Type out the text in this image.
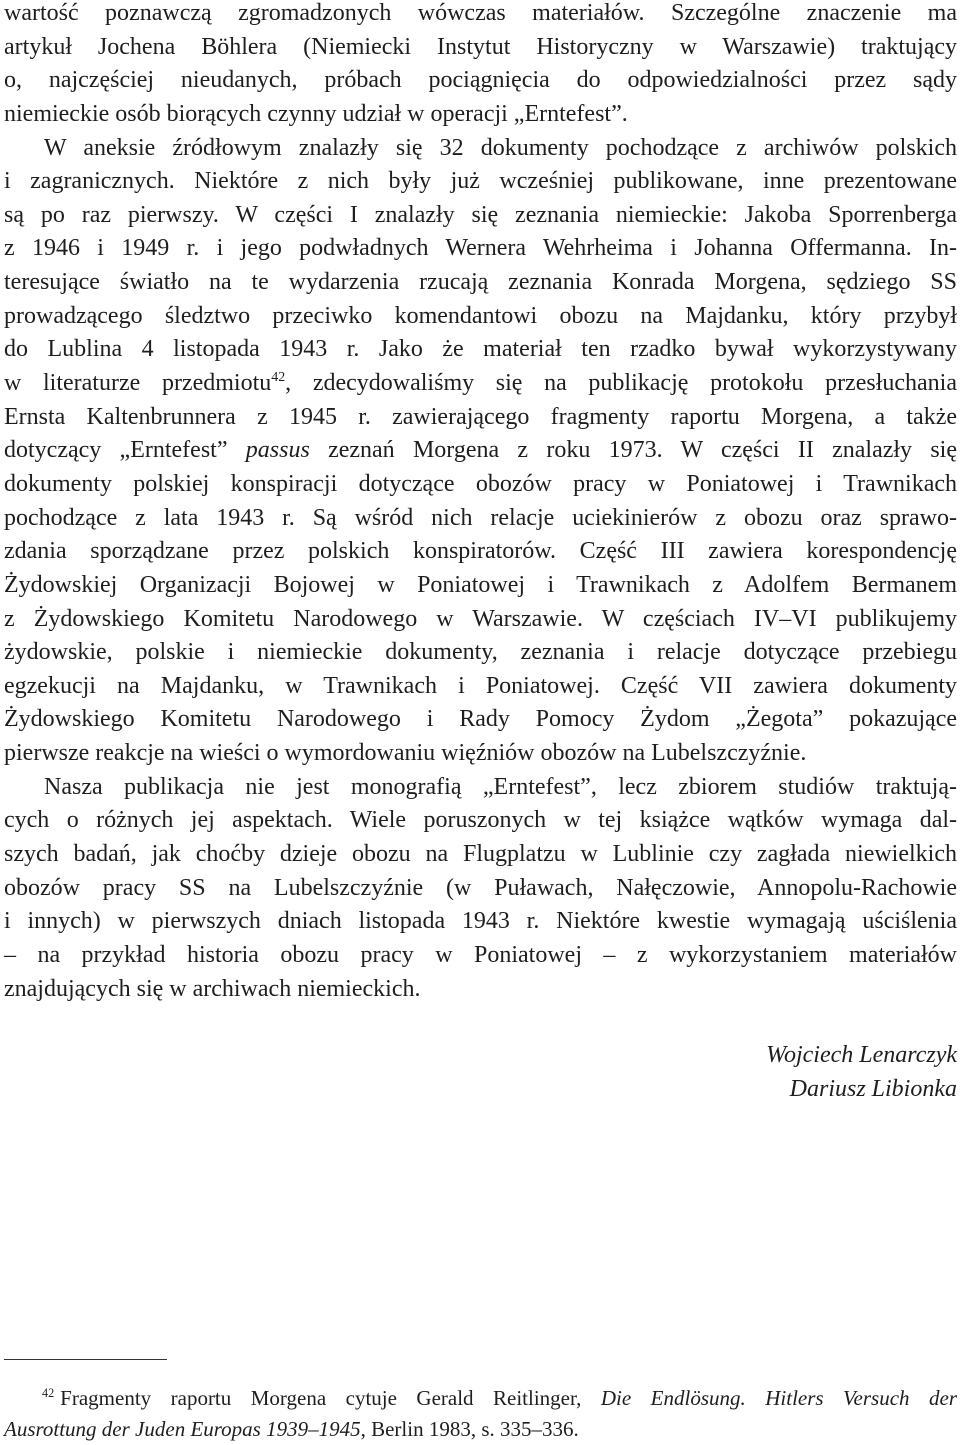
wartość poznawczą zgromadzonych wówczas materiałów. Szczególne znaczenie ma
artykuł Jochena Böhlera (Niemiecki Instytut Historyczny w Warszawie) traktujący
o, najczęściej nieudanych, próbach pociągnięcia do odpowiedzialności przez sądy
niemieckie osób biorących czynny udział w operacji „Erntefest”.
W aneksie źródłowym znalazły się 32 dokumenty pochodzące z archiwów polskich
i zagranicznych. Niektóre z nich były już wcześniej publikowane, inne prezentowane
są po raz pierwszy. W części I znalazły się zeznania niemieckie: Jakoba Sporrenberga
z 1946 i 1949 r. i jego podwładnych Wernera Wehrheima i Johanna Offermanna. In-
teresujące światło na te wydarzenia rzucają zeznania Konrada Morgena, sędziego SS
prowadzącego śledztwo przeciwko komendantowi obozu na Majdanku, który przybył
do Lublina 4 listopada 1943 r. Jako że materiał ten rzadko bywał wykorzystywany
w literaturze przedmiotu$^{42}$, zdecydowaliśmy się na publikację protokołu przesłuchania
Ernsta Kaltenbrunnera z 1945 r. zawierającego fragmenty raportu Morgena, a także
dotyczący „Erntefest” passus zeznań Morgena z roku 1973. W części II znalazły się
dokumenty polskiej konspiracji dotyczące obozów pracy w Poniatowej i Trawnikach
pochodzące z lata 1943 r. Są wśród nich relacje uciekinierów z obozu oraz sprawo-
zdania sporządzane przez polskich konspiratorów. Część III zawiera korespondencję
Żydowskiej Organizacji Bojowej w Poniatowej i Trawnikach z Adolfem Bermanem
z Żydowskiego Komitetu Narodowego w Warszawie. W częściach IV–VI publikujemy
żydowskie, polskie i niemieckie dokumenty, zeznania i relacje dotyczące przebiegu
egzekucji na Majdanku, w Trawnikach i Poniatowej. Część VII zawiera dokumenty
Żydowskiego Komitetu Narodowego i Rady Pomocy Żydom „Żegota” pokazujące
pierwsze reakcje na wieści o wymordowaniu więźniów obozów na Lubelszczyźnie.
Nasza publikacja nie jest monografią „Erntefest”, lecz zbiorem studiów traktują-
cych o różnych jej aspektach. Wiele poruszonych w tej książce wątków wymaga dal-
szych badań, jak choćby dzieje obozu na Flugplatzu w Lublinie czy zagłada niewielkich
obozów pracy SS na Lubelszczyźnie (w Puławach, Nałęczowie, Annopolu-Rachowie
i innych) w pierwszych dniach listopada 1943 r. Niektóre kwestie wymagają uściślenia
– na przykład historia obozu pracy w Poniatowej – z wykorzystaniem materiałów
znajdujących się w archiwach niemieckich.
Wojciech Lenarczyk
Dariusz Libionka
$^{42}$ Fragmenty raportu Morgena cytuje Gerald Reitlinger, Die Endlösung. Hitlers Versuch der
Ausrottung der Juden Europas 1939–1945, Berlin 1983, s. 335–336.
